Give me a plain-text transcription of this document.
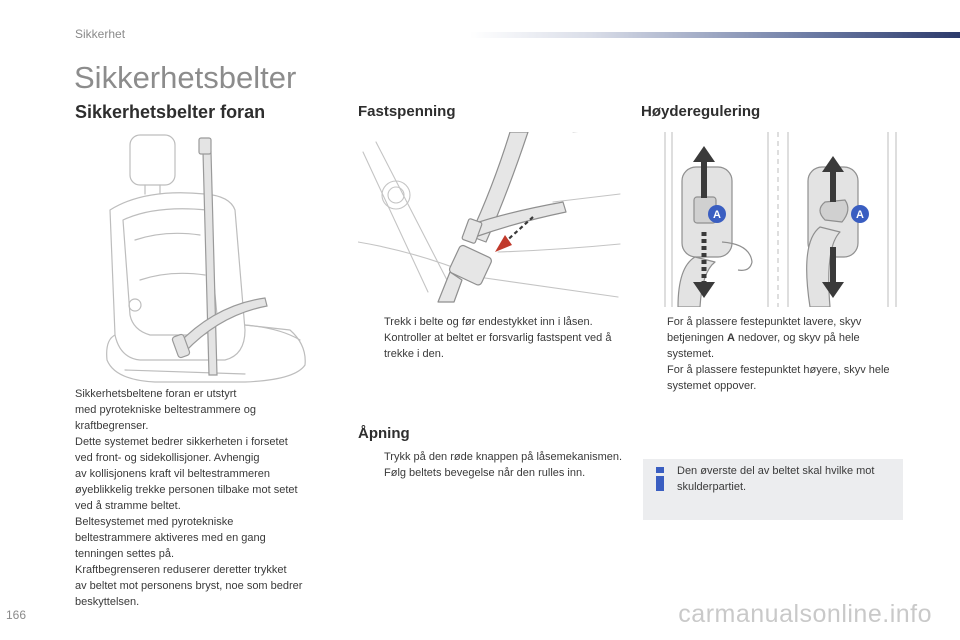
Sikkerhet
Sikkerhetsbelter
Sikkerhetsbelter foran	Fastspenning	Høyderegulering
A	A

Sikkerhetsbeltene foran er utstyrt
med pyrotekniske beltestrammere og
kraftbegrenser.
Dette systemet bedrer sikkerheten i forsetet
ved front- og sidekollisjoner. Avhengig
av kollisjonens kraft vil beltestrammeren
øyeblikkelig trekke personen tilbake mot setet
ved å stramme beltet.
Beltesystemet med pyrotekniske
beltestrammere aktiveres med en gang
tenningen settes på.
Kraftbegrenseren reduserer deretter trykket
av beltet mot personens bryst, noe som bedrer
beskyttelsen.

Trekk i belte og før endestykket inn i låsen.
Kontroller at beltet er forsvarlig fastspent ved å trekke i den.
For å plassere festepunktet lavere, skyv betjeningen A nedover, og skyv på hele systemet.
For å plassere festepunktet høyere, skyv hele systemet oppover.
Åpning
Trykk på den røde knappen på låsemekanismen.
Følg beltets bevegelse når den rulles inn.	Den øverste del av beltet skal hvilke mot skulderpartiet.

166	carmanualsonline.info
